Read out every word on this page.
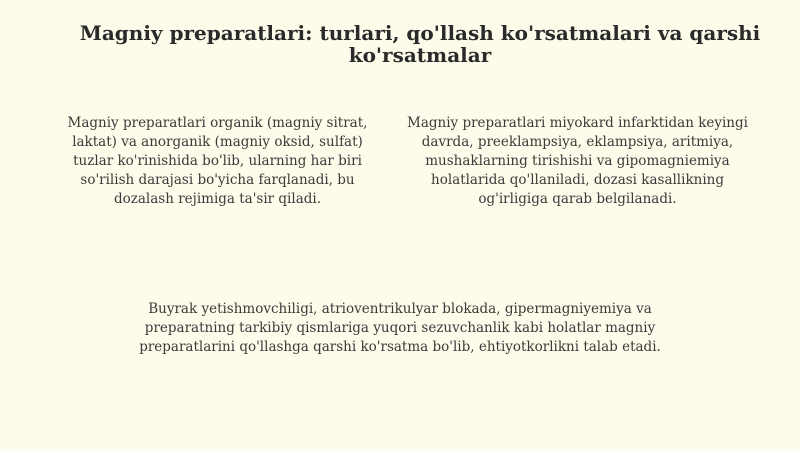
Magniy preparatlari: turlari, qo'llash ko'rsatmalari va qarshi ko'rsatmalar

Magniy preparatlari organik (magniy sitrat, laktat) va anorganik (magniy oksid, sulfat) tuzlar ko'rinishida bo'lib, ularning har biri so'rilish darajasi bo'yicha farqlanadi, bu dozalash rejimiga ta'sir qiladi.

Magniy preparatlari miyokard infarktidan keyingi davrda, preeklampsiya, eklampsiya, aritmiya, mushaklarning tirishishi va gipomagniemiya holatlarida qo'llaniladi, dozasi kasallikning og'irligiga qarab belgilanadi.

Buyrak yetishmovchiligi, atrioventrikulyar blokada, gipermagniyemiya va preparatning tarkibiy qismlariga yuqori sezuvchanlik kabi holatlar magniy preparatlarini qo'llashga qarshi ko'rsatma bo'lib, ehtiyotkorlikni talab etadi.
